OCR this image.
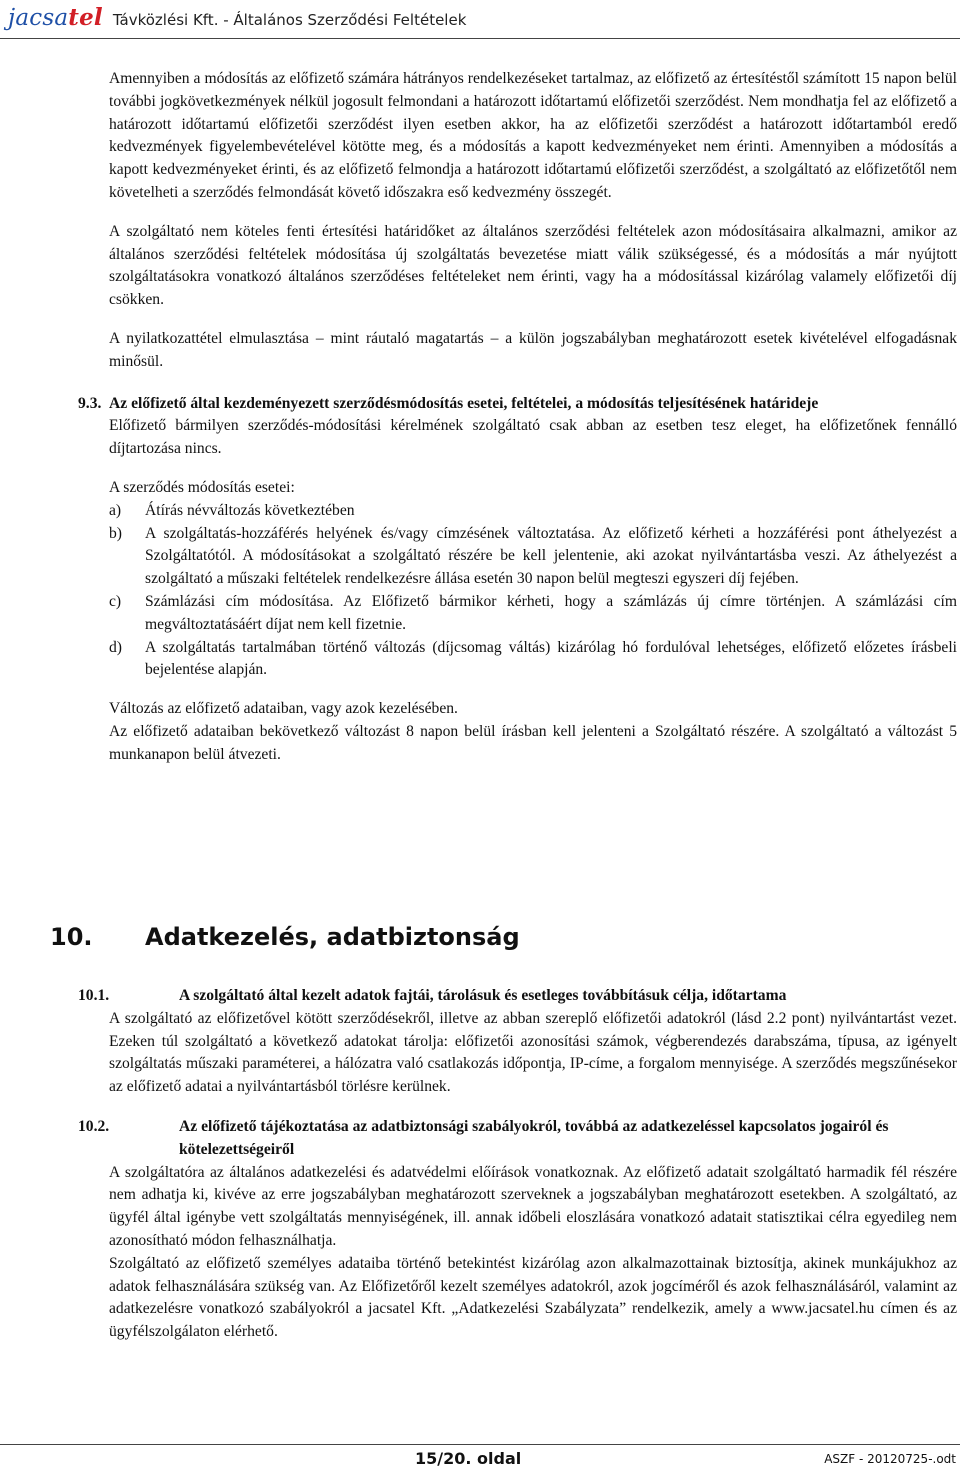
jacsatel Távközlési Kft. - Általános Szerződési Feltételek

Amennyiben a módosítás az előfizető számára hátrányos rendelkezéseket tartalmaz, az előfizető az értesítéstől számított 15 napon belül további jogkövetkezmények nélkül jogosult felmondani a határozott időtartamú előfizetői szerződést. Nem mondhatja fel az előfizető a határozott időtartamú előfizetői szerződést ilyen esetben akkor, ha az előfizetői szerződést a határozott időtartamból eredő kedvezmények figyelembevételével kötötte meg, és a módosítás a kapott kedvezményeket nem érinti. Amennyiben a módosítás a kapott kedvezményeket érinti, és az előfizető felmondja a határozott időtartamú előfizetői szerződést, a szolgáltató az előfizetőtől nem követelheti a szerződés felmondását követő időszakra eső kedvezmény összegét.

A szolgáltató nem köteles fenti értesítési határidőket az általános szerződési feltételek azon módosításaira alkalmazni, amikor az általános szerződési feltételek módosítása új szolgáltatás bevezetése miatt válik szükségessé, és a módosítás a már nyújtott szolgáltatásokra vonatkozó általános szerződéses feltételeket nem érinti, vagy ha a módosítással kizárólag valamely előfizetői díj csökken.

A nyilatkozattétel elmulasztása – mint ráutaló magatartás – a külön jogszabályban meghatározott esetek kivételével elfogadásnak minősül.

9.3. Az előfizető által kezdeményezett szerződésmódosítás esetei, feltételei, a módosítás teljesítésének határideje

Előfizető bármilyen szerződés-módosítási kérelmének szolgáltató csak abban az esetben tesz eleget, ha előfizetőnek fennálló díjtartozása nincs.

A szerződés módosítás esetei:

a)	Átírás névváltozás következtében
b)	A szolgáltatás-hozzáférés helyének és/vagy címzésének változtatása. Az előfizető kérheti a hozzáférési pont áthelyezést a Szolgáltatótól. A módosításokat a szolgáltató részére be kell jelentenie, aki azokat nyilvántartásba veszi. Az áthelyezést a szolgáltató a műszaki feltételek rendelkezésre állása esetén 30 napon belül megteszi egyszeri díj fejében.
c)	Számlázási cím módosítása. Az Előfizető bármikor kérheti, hogy a számlázás új címre történjen. A számlázási cím megváltoztatásáért díjat nem kell fizetnie.
d)	A szolgáltatás tartalmában történő változás (díjcsomag váltás) kizárólag hó fordulóval lehetséges, előfizető előzetes írásbeli bejelentése alapján.

Változás az előfizető adataiban, vagy azok kezelésében.

Az előfizető adataiban bekövetkező változást 8 napon belül írásban kell jelenteni a Szolgáltató részére. A szolgáltató a változást 5 munkanapon belül átvezeti.

10.	Adatkezelés, adatbiztonság
10.1.	A szolgáltató által kezelt adatok fajtái, tárolásuk és esetleges továbbításuk célja, időtartama

A szolgáltató az előfizetővel kötött szerződésekről, illetve az abban szereplő előfizetői adatokról (lásd 2.2 pont) nyilvántartást vezet. Ezeken túl szolgáltató a következő adatokat tárolja: előfizetői azonosítási számok, végberendezés darabszáma, típusa, az igényelt szolgáltatás műszaki paraméterei, a hálózatra való csatlakozás időpontja, IP-címe, a forgalom mennyisége. A szerződés megszűnésekor az előfizető adatai a nyilvántartásból törlésre kerülnek.

10.2.	Az előfizető tájékoztatása az adatbiztonsági szabályokról, továbbá az adatkezeléssel kapcsolatos jogairól és kötelezettségeiről

A szolgáltatóra az általános adatkezelési és adatvédelmi előírások vonatkoznak. Az előfizető adatait szolgáltató harmadik fél részére nem adhatja ki, kivéve az erre jogszabályban meghatározott szerveknek a jogszabályban meghatározott esetekben. A szolgáltató, az ügyfél által igénybe vett szolgáltatás mennyiségének, ill. annak időbeli eloszlására vonatkozó adatait statisztikai célra egyedileg nem azonosítható módon felhasználhatja.

Szolgáltató az előfizető személyes adataiba történő betekintést kizárólag azon alkalmazottainak biztosítja, akinek munkájukhoz az adatok felhasználására szükség van. Az Előfizetőről kezelt személyes adatokról, azok jogcíméről és azok felhasználásáról, valamint az adatkezelésre vonatkozó szabályokról a jacsatel Kft. „Adatkezelési Szabályzata” rendelkezik, amely a www.jacsatel.hu címen és az ügyfélszolgálaton elérhető.

15/20. oldal	ASZF - 20120725-.odt
